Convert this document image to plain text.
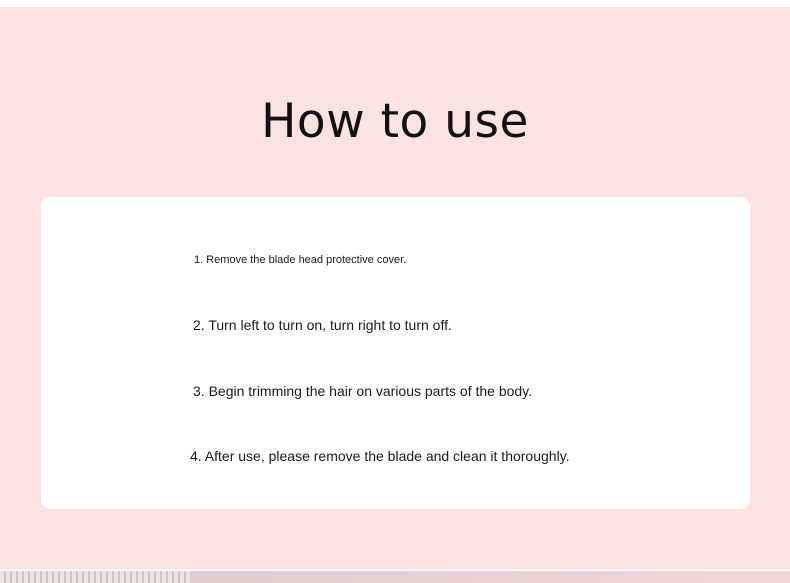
How to use
1. Remove the blade head protective cover.
2. Turn left to turn on, turn right to turn off.
3. Begin trimming the hair on various parts of the body.
4. After use, please remove the blade and clean it thoroughly.
